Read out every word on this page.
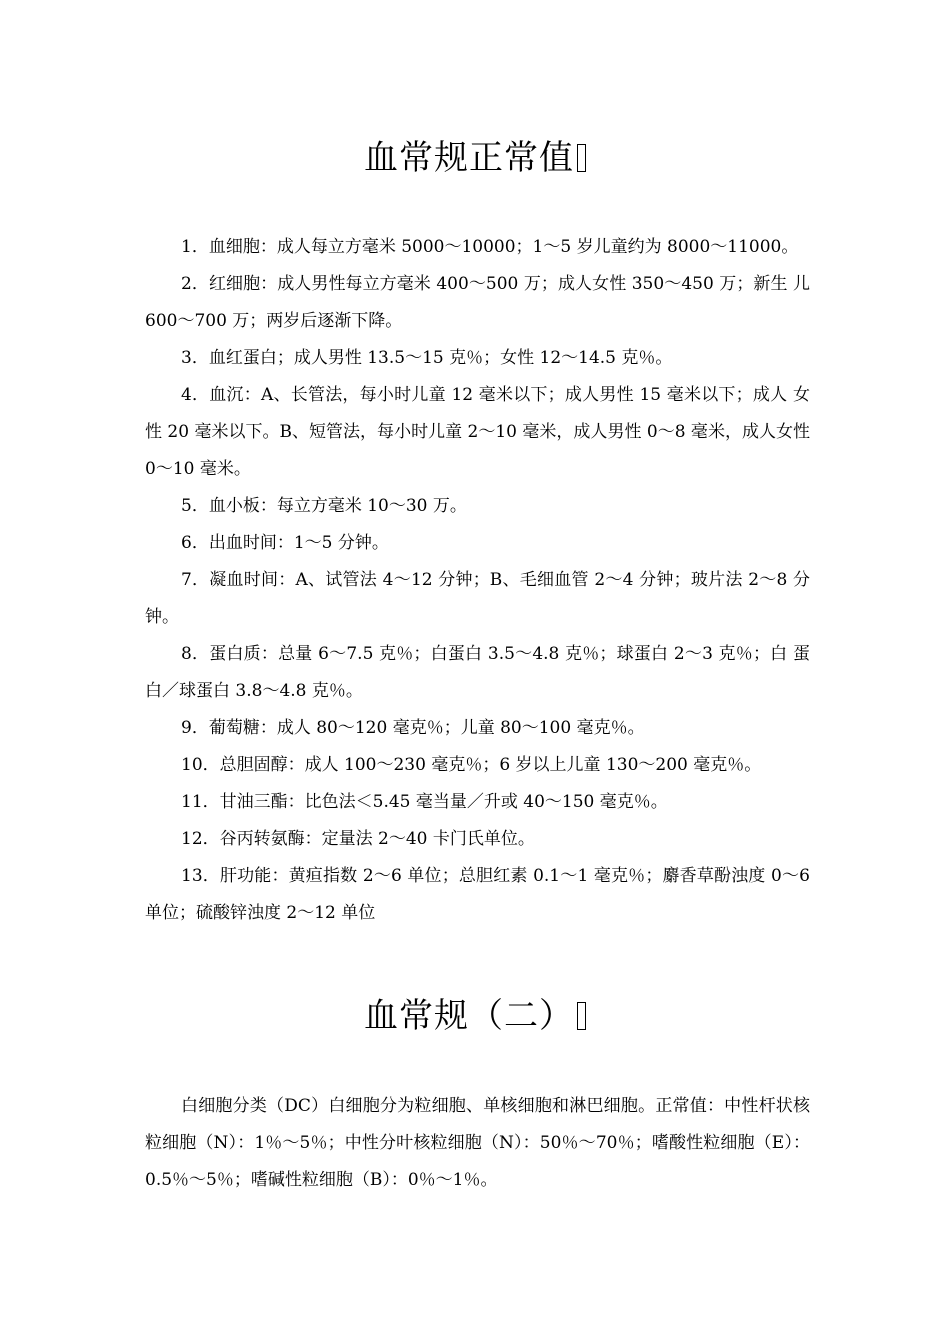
血常规正常值

1．血细胞：成人每立方毫米 5000～10000；1～5 岁儿童约为 8000～11000。

2．红细胞：成人男性每立方毫米 400～500 万；成人女性 350～450 万；新生 儿 600～700 万；两岁后逐渐下降。

3．血红蛋白；成人男性 13.5～15 克％；女性 12～14.5 克％。

4．血沉：A、长管法，每小时儿童 12 毫米以下；成人男性 15 毫米以下；成人 女性 20 毫米以下。B、短管法，每小时儿童 2～10 毫米，成人男性 0～8 毫米，成人女性 0～10 毫米。

5．血小板：每立方毫米 10～30 万。

6．出血时间：1～5 分钟。

7．凝血时间：A、试管法 4～12 分钟；B、毛细血管 2～4 分钟；玻片法 2～8 分 钟。

8．蛋白质：总量 6～7.5 克％；白蛋白 3.5～4.8 克％；球蛋白 2～3 克％；白 蛋白／球蛋白 3.8～4.8 克％。

9．葡萄糖：成人 80～120 毫克％；儿童 80～100 毫克％。

10．总胆固醇：成人 100～230 毫克％；6 岁以上儿童 130～200 毫克％。

11．甘油三酯：比色法＜5.45 毫当量／升或 40～150 毫克％。

12．谷丙转氨酶：定量法 2～40 卡门氏单位。

13．肝功能：黄疸指数 2～6 单位；总胆红素 0.1～1 毫克％；麝香草酚浊度 0～6 单位；硫酸锌浊度 2～12 单位

血常规（二）

白细胞分类（DC）白细胞分为粒细胞、单核细胞和淋巴细胞。正常值：中性杆状核粒细胞（N）：1％～5％；中性分叶核粒细胞（N）：50％～70％；嗜酸性粒细胞（E）：0.5％～5％；嗜碱性粒细胞（B）：0％～1％。
